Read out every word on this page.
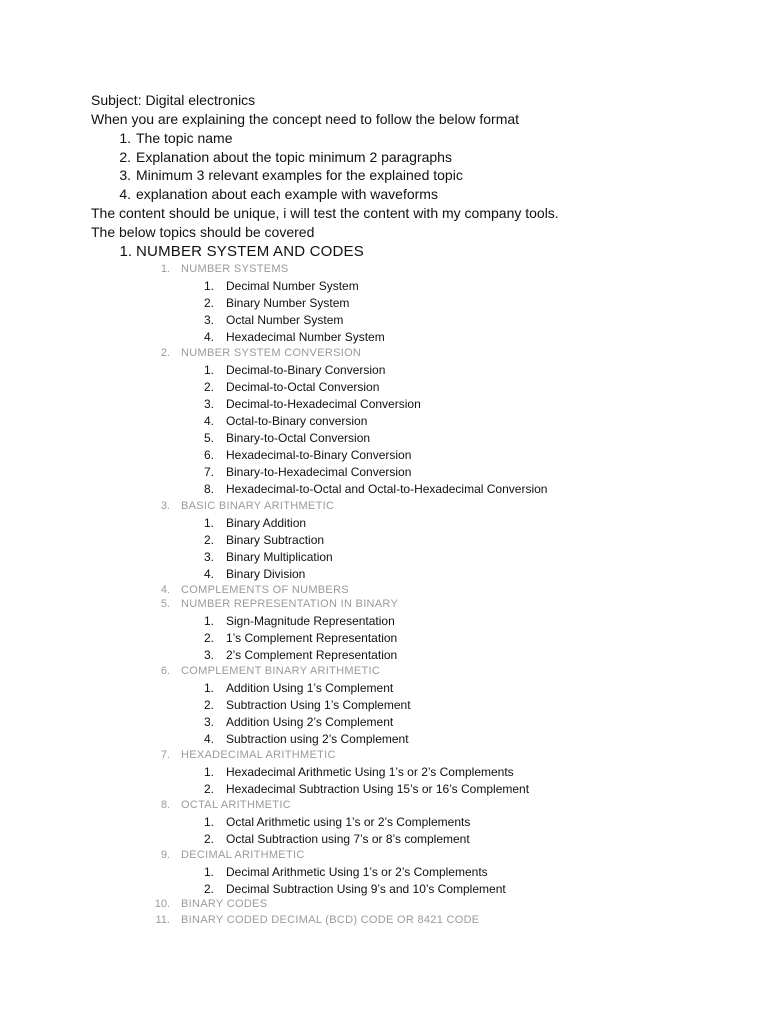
Subject: Digital electronics
When you are explaining the concept need to follow the below format
1. The topic name
2. Explanation about the topic minimum 2 paragraphs
3. Minimum 3 relevant examples for the explained topic
4. explanation about each example with waveforms
The content should be unique, i will test the content with my company tools.
The below topics should be covered
1. NUMBER SYSTEM AND CODES
1. NUMBER SYSTEMS
1. Decimal Number System
2. Binary Number System
3. Octal Number System
4. Hexadecimal Number System
2. NUMBER SYSTEM CONVERSION
1. Decimal-to-Binary Conversion
2. Decimal-to-Octal Conversion
3. Decimal-to-Hexadecimal Conversion
4. Octal-to-Binary conversion
5. Binary-to-Octal Conversion
6. Hexadecimal-to-Binary Conversion
7. Binary-to-Hexadecimal Conversion
8. Hexadecimal-to-Octal and Octal-to-Hexadecimal Conversion
3. BASIC BINARY ARITHMETIC
1. Binary Addition
2. Binary Subtraction
3. Binary Multiplication
4. Binary Division
4. COMPLEMENTS OF NUMBERS
5. NUMBER REPRESENTATION IN BINARY
1. Sign-Magnitude Representation
2. 1’s Complement Representation
3. 2’s Complement Representation
6. COMPLEMENT BINARY ARITHMETIC
1. Addition Using 1’s Complement
2. Subtraction Using 1’s Complement
3. Addition Using 2’s Complement
4. Subtraction using 2’s Complement
7. HEXADECIMAL ARITHMETIC
1. Hexadecimal Arithmetic Using 1’s or 2’s Complements
2. Hexadecimal Subtraction Using 15’s or 16’s Complement
8. OCTAL ARITHMETIC
1. Octal Arithmetic using 1’s or 2’s Complements
2. Octal Subtraction using 7’s or 8’s complement
9. DECIMAL ARITHMETIC
1. Decimal Arithmetic Using 1’s or 2’s Complements
2. Decimal Subtraction Using 9’s and 10’s Complement
10. BINARY CODES
11. BINARY CODED DECIMAL (BCD) CODE OR 8421 CODE
